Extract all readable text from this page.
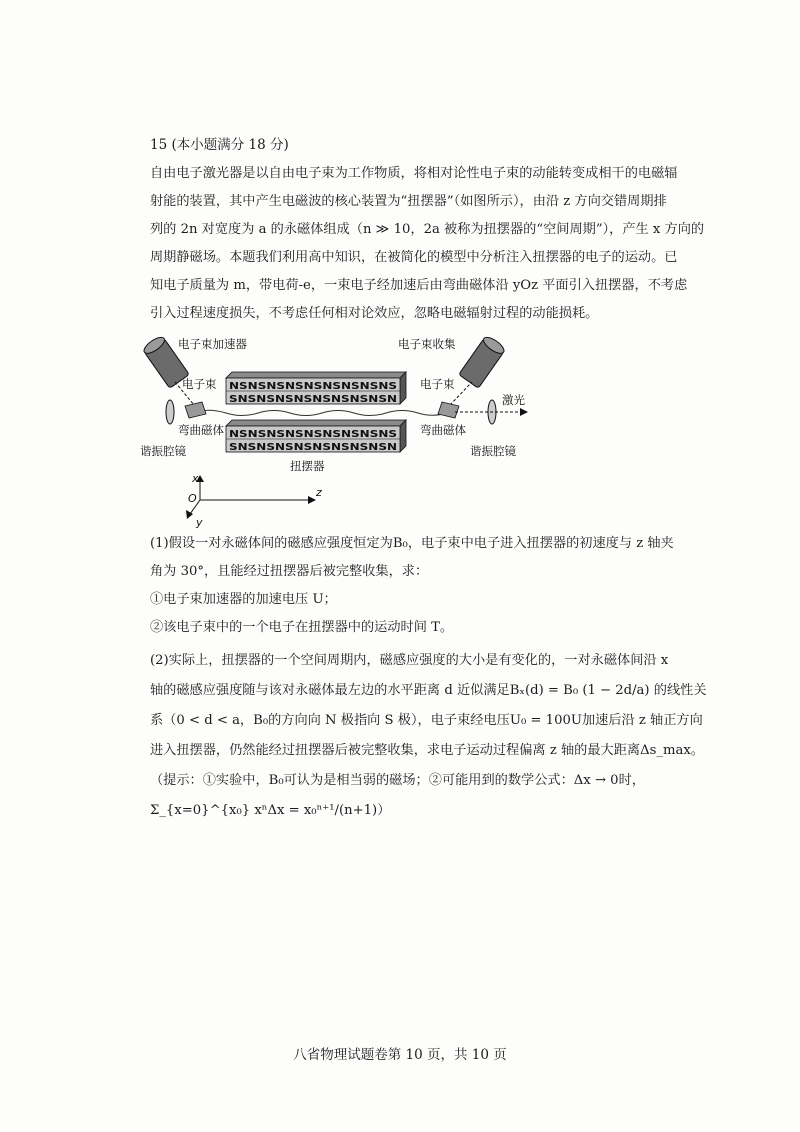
15 (本小题满分 18 分)
自由电子激光器是以自由电子束为工作物质，将相对论性电子束的动能转变成相干的电磁辐
射能的装置，其中产生电磁波的核心装置为“扭摆器”（如图所示），由沿 z 方向交错周期排
列的 2n 对宽度为 a 的永磁体组成（n ≫ 10，2a 被称为扭摆器的“空间周期”），产生 x 方向的
周期静磁场。本题我们利用高中知识，在被简化的模型中分析注入扭摆器的电子的运动。已
知电子质量为 m，带电荷-e，一束电子经加速后由弯曲磁体沿 yOz 平面引入扭摆器，不考虑
引入过程速度损失，不考虑任何相对论效应，忽略电磁辐射过程的动能损耗。
电子束加速器	电子束收集
电子束	电子束
NSNSNSNSNSNSNSNSNS
SNSNSNSNSNSNSNSNSN
NSNSNSNSNSNSNSNSNS
SNSNSNSNSNSNSNSNSN
弯曲磁体	弯曲磁体
谐振腔镜	谐振腔镜
激光
扭摆器
x
z
y
O
(1)假设一对永磁体间的磁感应强度恒定为B₀，电子束中电子进入扭摆器的初速度与 z 轴夹
角为 30°，且能经过扭摆器后被完整收集，求：
①电子束加速器的加速电压 U；
②该电子束中的一个电子在扭摆器中的运动时间 T。
(2)实际上，扭摆器的一个空间周期内，磁感应强度的大小是有变化的，一对永磁体间沿 x
轴的磁感应强度随与该对永磁体最左边的水平距离 d 近似满足Bₓ(d) = B₀ (1 − 2d/a) 的线性关
系（0 < d < a，B₀的方向向 N 极指向 S 极），电子束经电压U₀ = 100U加速后沿 z 轴正方向
进入扭摆器，仍然能经过扭摆器后被完整收集，求电子运动过程偏离 z 轴的最大距离Δs_max。
（提示：①实验中，B₀可认为是相当弱的磁场；②可能用到的数学公式：Δx → 0时，
Σ_{x=0}^{x₀} xⁿΔx = x₀ⁿ⁺¹/(n+1)）
八省物理试题卷第 10 页，共 10 页
